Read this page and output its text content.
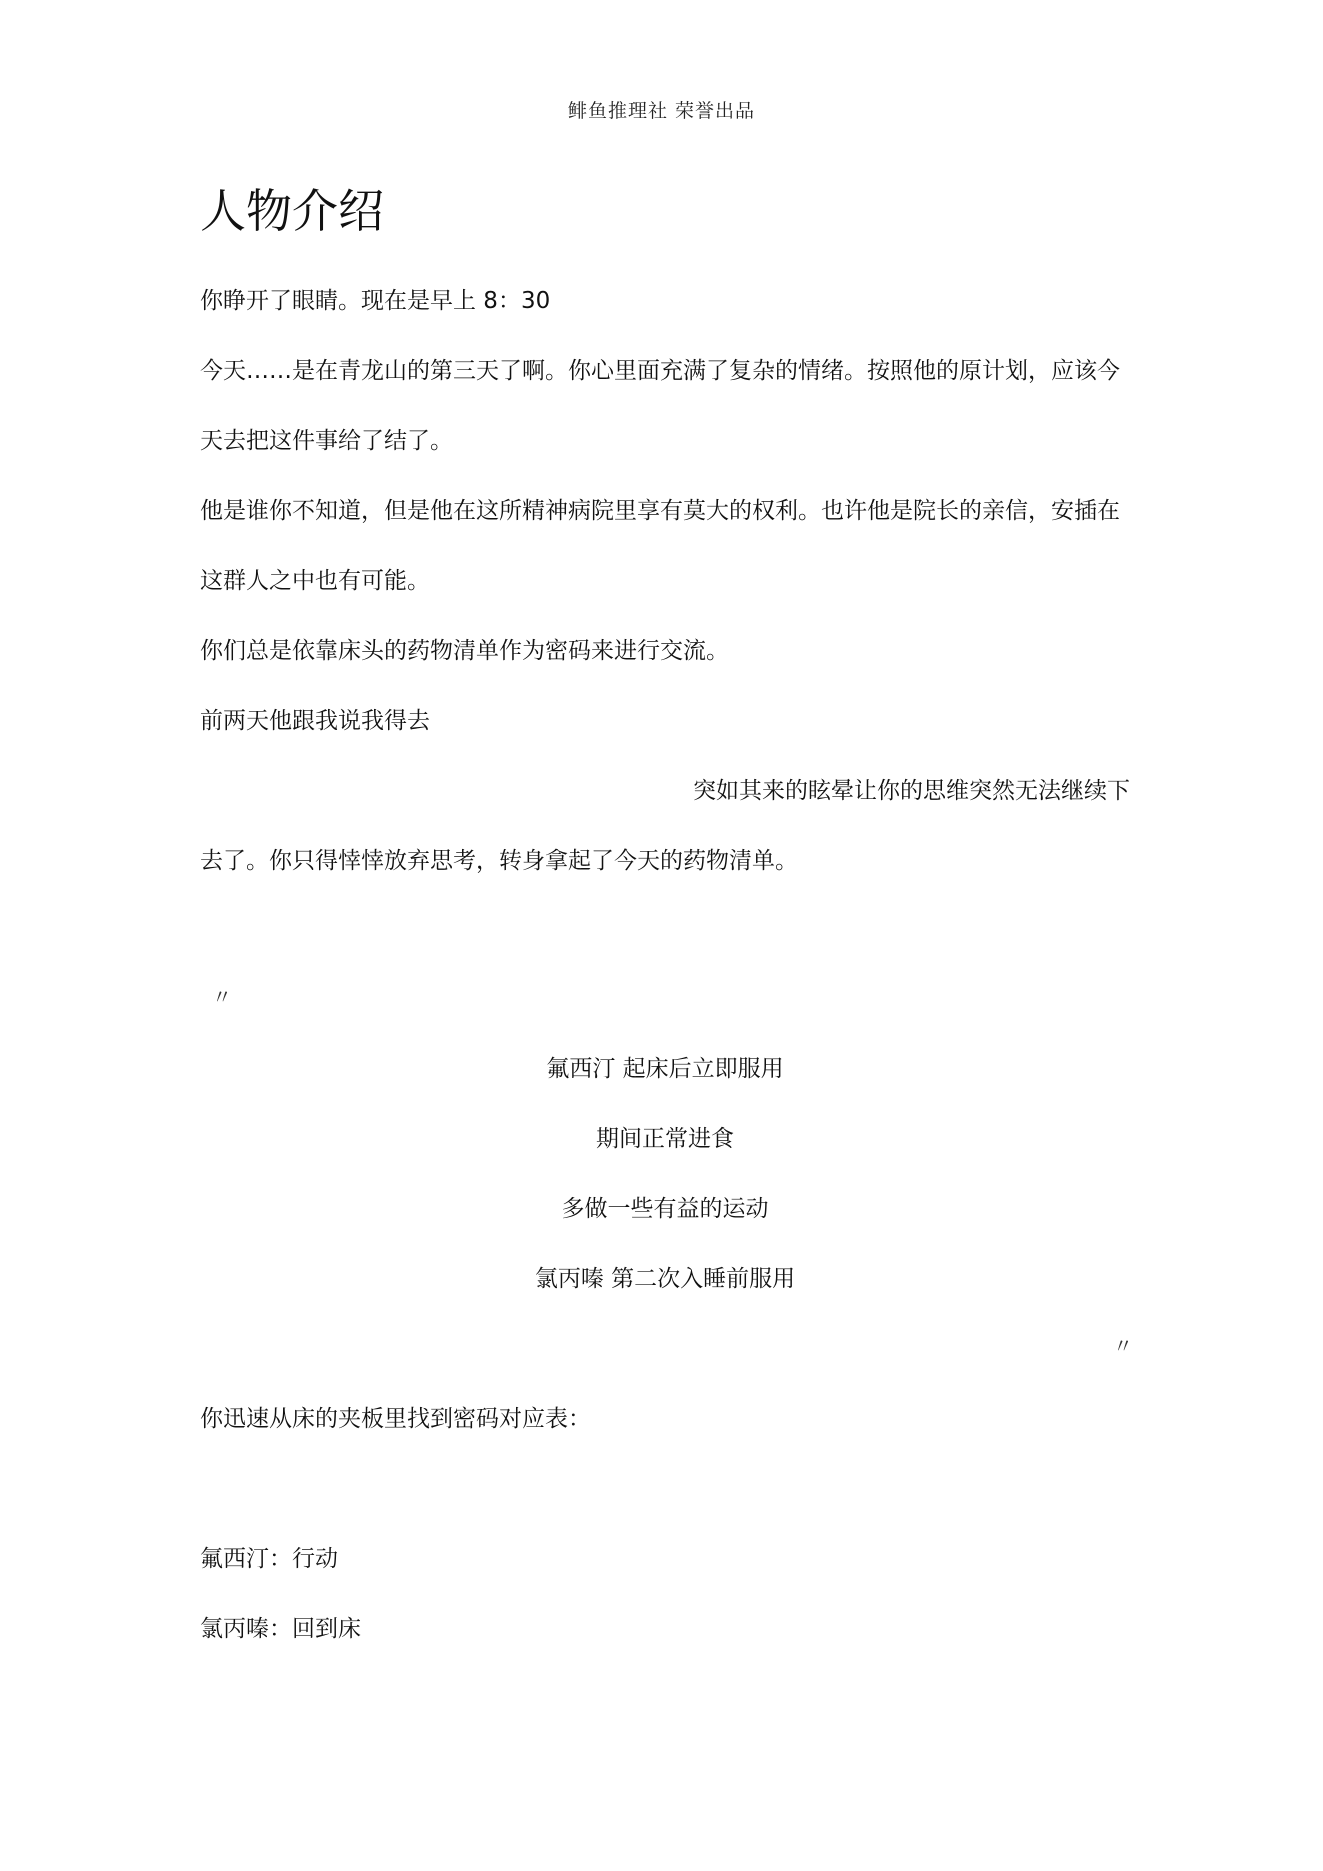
鲱鱼推理社 荣誉出品
人物介绍
你睁开了眼睛。现在是早上 8：30
今天……是在青龙山的第三天了啊。你心里面充满了复杂的情绪。按照他的原计划，应该今
天去把这件事给了结了。
他是谁你不知道，但是他在这所精神病院里享有莫大的权利。也许他是院长的亲信，安插在
这群人之中也有可能。
你们总是依靠床头的药物清单作为密码来进行交流。
前两天他跟我说我得去
突如其来的眩晕让你的思维突然无法继续下
去了。你只得悻悻放弃思考，转身拿起了今天的药物清单。
〃
氟西汀 起床后立即服用
期间正常进食
多做一些有益的运动
氯丙嗪 第二次入睡前服用
〃
你迅速从床的夹板里找到密码对应表：
氟西汀：行动
氯丙嗪：回到床
